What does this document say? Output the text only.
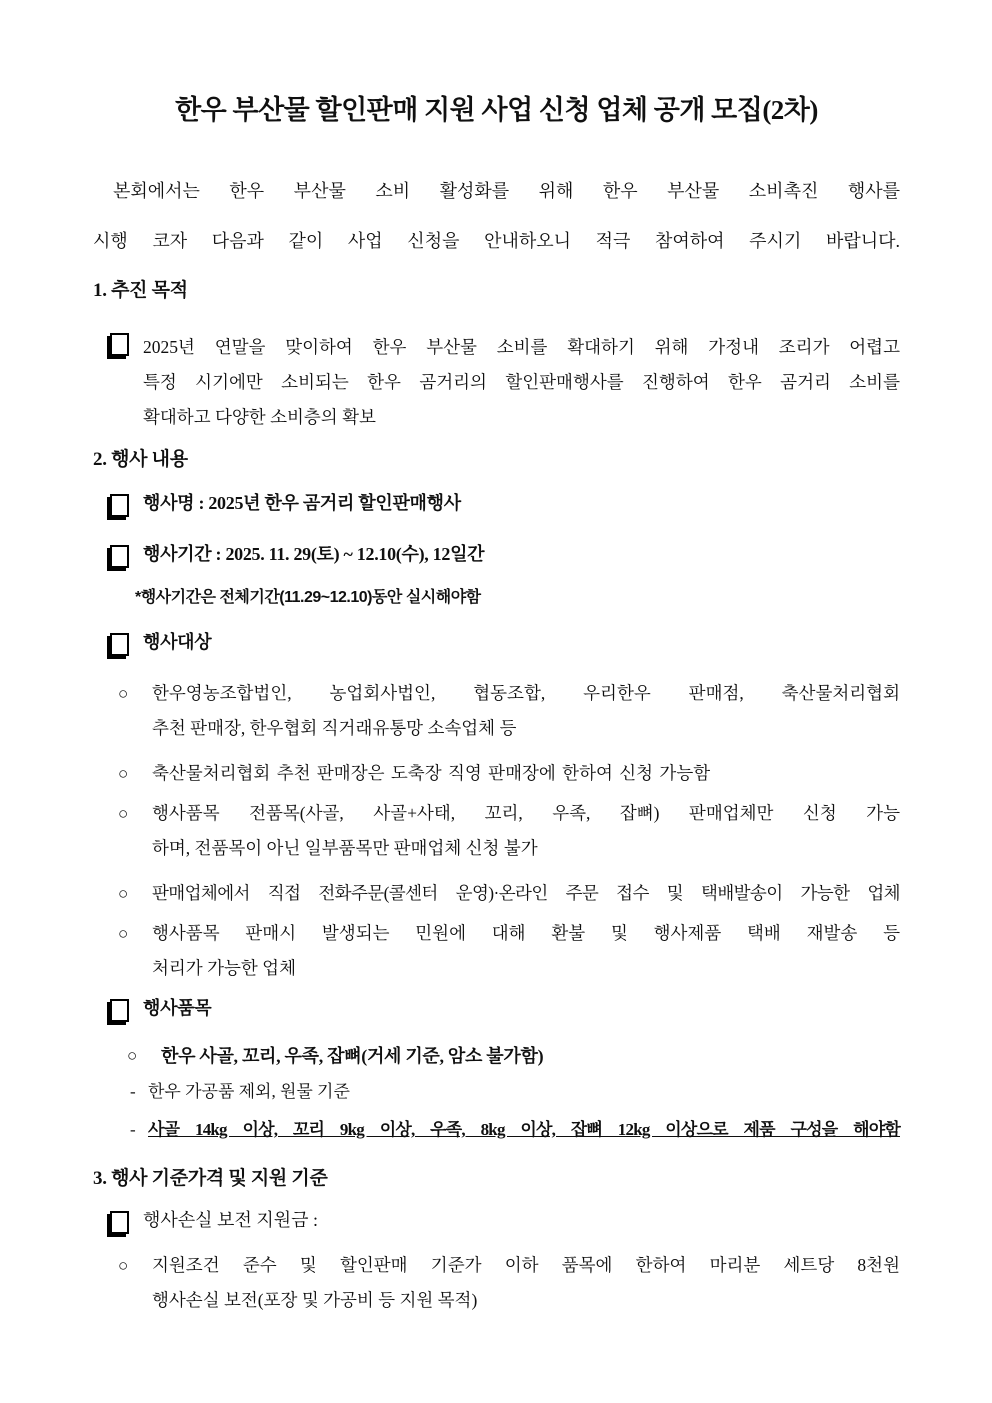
한우 부산물 할인판매 지원 사업 신청 업체 공개 모집(2차)
본회에서는 한우 부산물 소비 활성화를 위해 한우 부산물 소비촉진 행사를
시행 코자 다음과 같이 사업 신청을 안내하오니 적극 참여하여 주시기 바랍니다.
1. 추진 목적
2025년 연말을 맞이하여 한우 부산물 소비를 확대하기 위해 가정내 조리가 어렵고
특정 시기에만 소비되는 한우 곰거리의 할인판매행사를 진행하여 한우 곰거리 소비를
확대하고 다양한 소비층의 확보
2. 행사 내용
행사명 : 2025년 한우 곰거리 할인판매행사
행사기간 : 2025. 11. 29(토) ~ 12.10(수), 12일간
*행사기간은 전체기간(11.29~12.10)동안 실시해야함
행사대상
○	한우영농조합법인, 농업회사법인, 협동조합, 우리한우 판매점, 축산물처리협회
추천 판매장, 한우협회 직거래유통망 소속업체 등
○	축산물처리협회 추천 판매장은 도축장 직영 판매장에 한하여 신청 가능함
○	행사품목 전품목(사골, 사골+사태, 꼬리, 우족, 잡뼈) 판매업체만 신청 가능
하며, 전품목이 아닌 일부품목만 판매업체 신청 불가
○	판매업체에서 직접 전화주문(콜센터 운영)·온라인 주문 접수 및 택배발송이 가능한 업체
○	행사품목 판매시 발생되는 민원에 대해 환불 및 행사제품 택배 재발송 등
처리가 가능한 업체
행사품목
○	한우 사골, 꼬리, 우족, 잡뼈(거세 기준, 암소 불가함)
- 한우 가공품 제외, 원물 기준
- 사골 14kg 이상, 꼬리 9kg 이상, 우족, 8kg 이상, 잡뼈 12kg 이상으로 제품 구성을 해야함
3. 행사 기준가격 및 지원 기준
행사손실 보전 지원금 :
○	지원조건 준수 및 할인판매 기준가 이하 품목에 한하여 마리분 세트당 8천원
행사손실 보전(포장 및 가공비 등 지원 목적)
